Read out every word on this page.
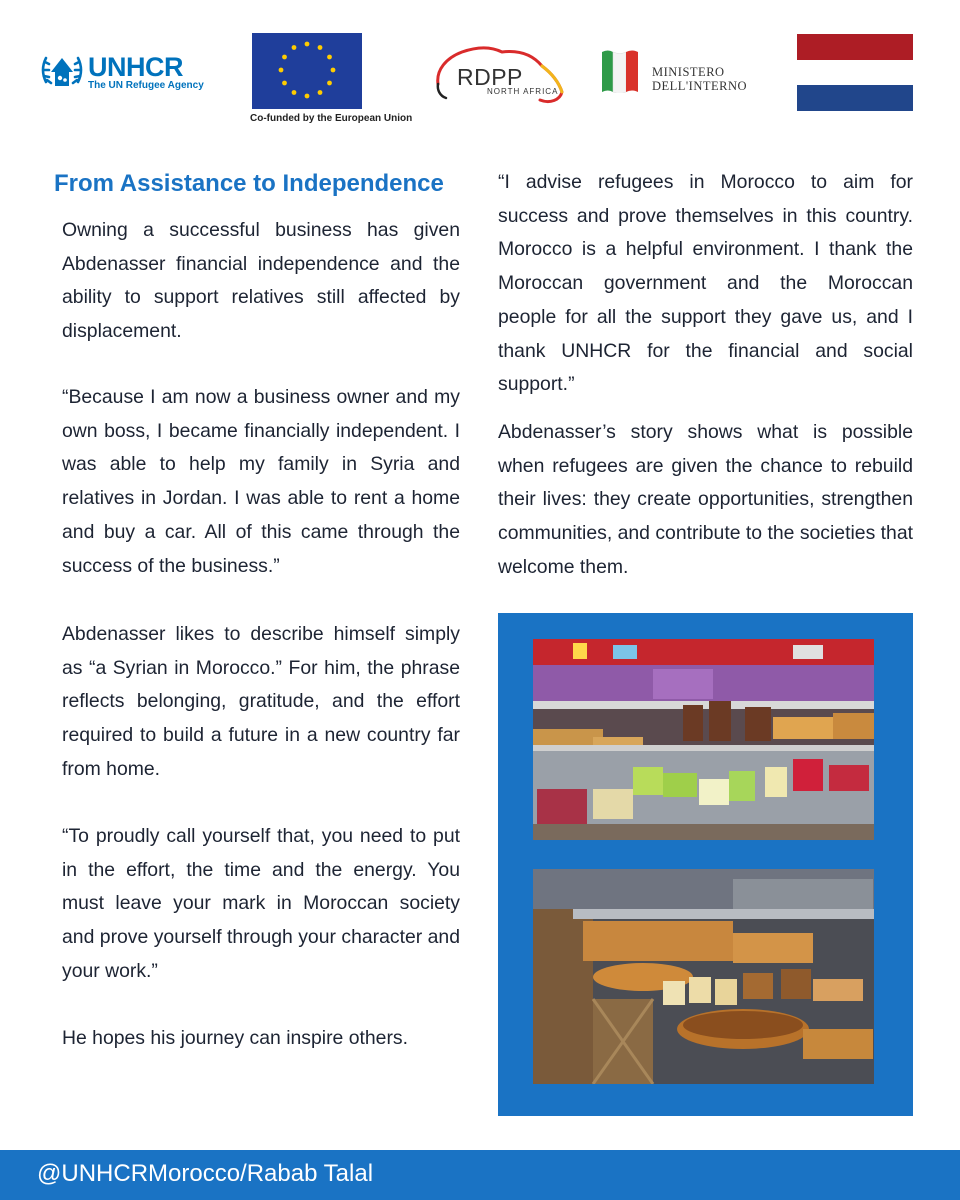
UNHCR
The UN Refugee Agency
Co-funded by the European Union
RDPP
NORTH AFRICA
MINISTERO
DELL'INTERNO
From Assistance to Independence

Owning a successful business has given Abdenasser financial independence and the ability to support relatives still affected by displacement.

“Because I am now a business owner and my own boss, I became financially independent. I was able to help my family in Syria and relatives in Jordan. I was able to rent a home and buy a car. All of this came through the success of the business.”

Abdenasser likes to describe himself simply as “a Syrian in Morocco.” For him, the phrase reflects belonging, gratitude, and the effort required to build a future in a new country far from home.

“To proudly call yourself that, you need to put in the effort, the time and the energy. You must leave your mark in Moroccan society and prove yourself through your character and your work.”

He hopes his journey can inspire others.

“I advise refugees in Morocco to aim for success and prove themselves in this country. Morocco is a helpful environment. I thank the Moroccan government and the Moroccan people for all the support they gave us, and I thank UNHCR for the financial and social support.”

Abdenasser’s story shows what is possible when refugees are given the chance to rebuild their lives: they create opportunities, strengthen communities, and contribute to the societies that welcome them.

@UNHCRMorocco/Rabab Talal
